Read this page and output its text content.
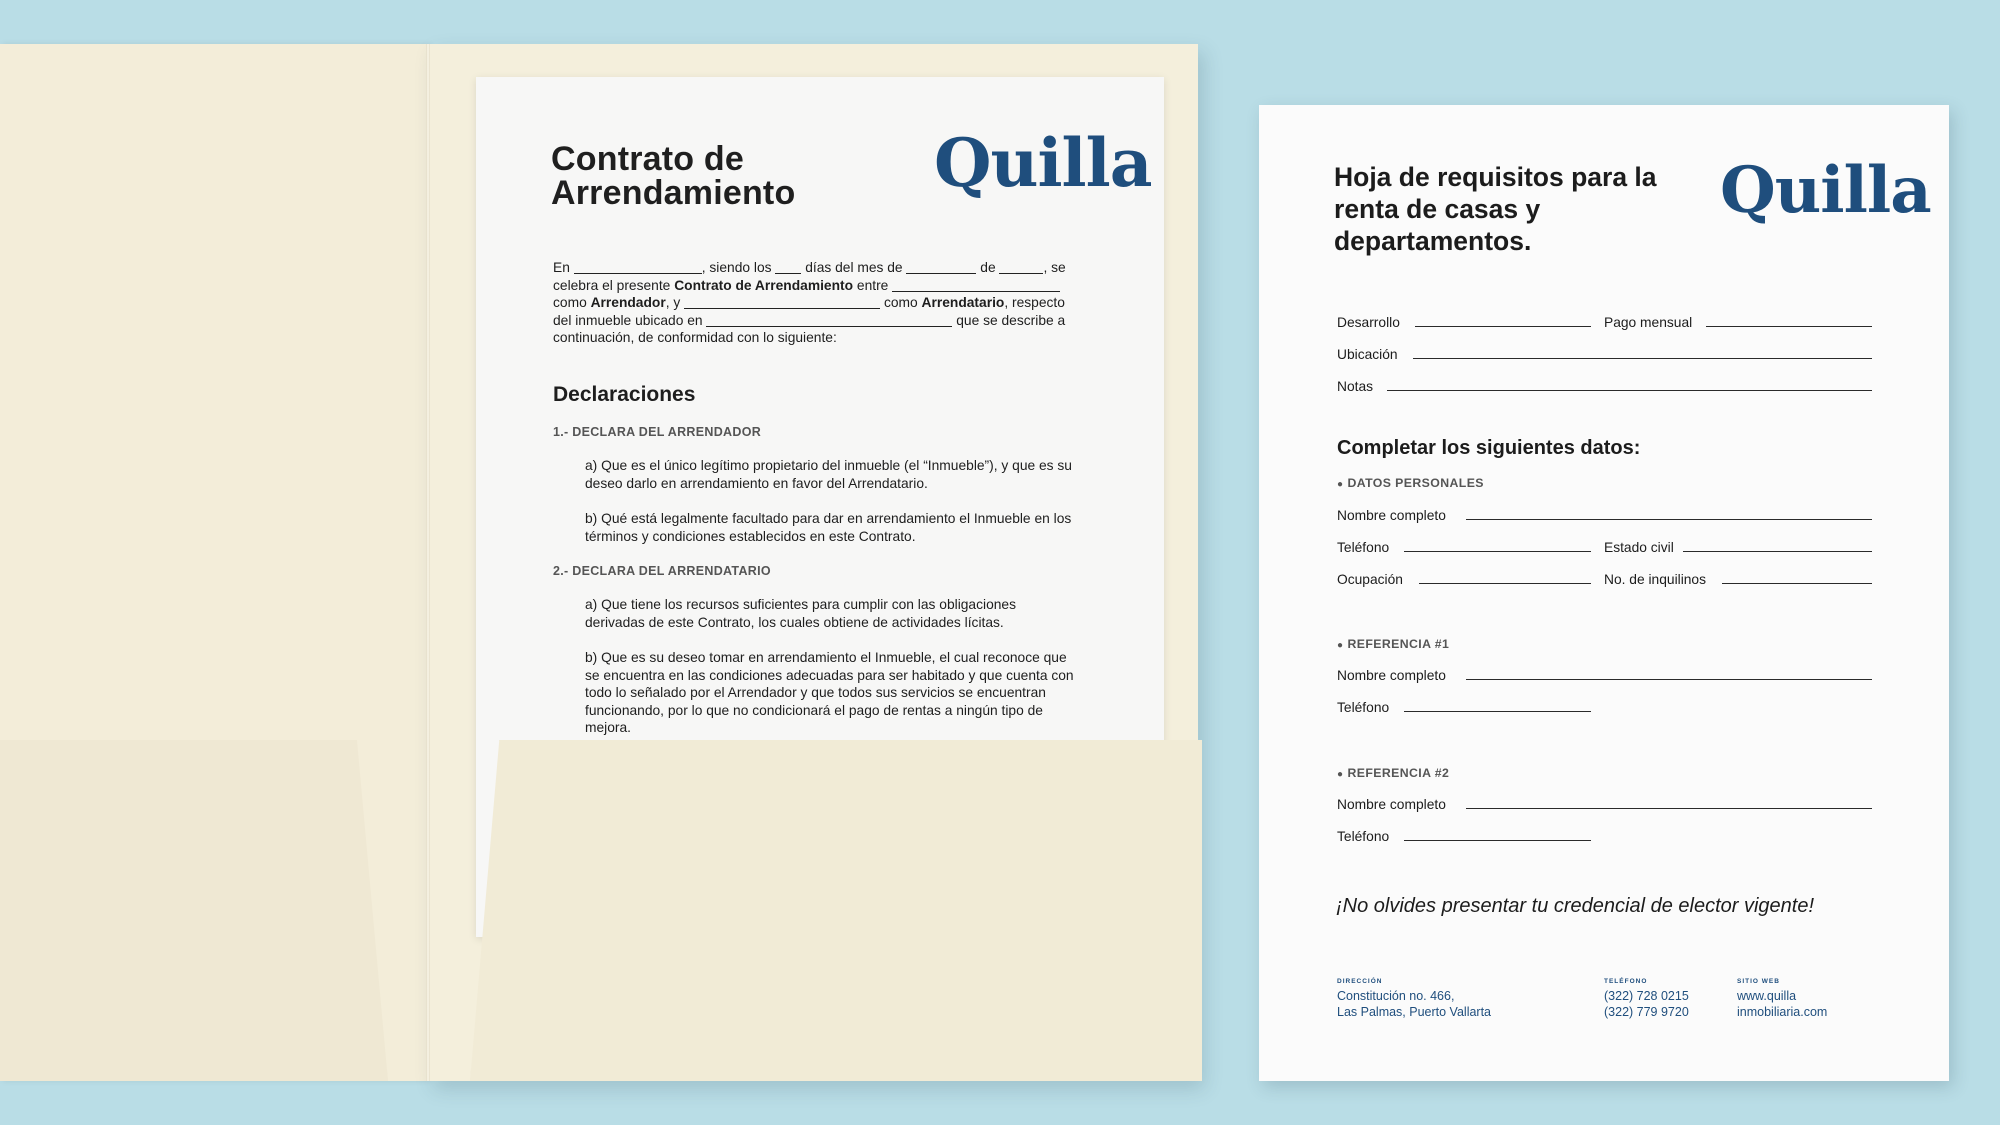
Contrato de
Arrendamiento	Quilla
En	, siendo los  días del mes de	de	, se
celebra el presente Contrato de Arrendamiento entre
como Arrendador, y	como Arrendatario, respecto
del inmueble ubicado en	que se describe a
continuación, de conformidad con lo siguiente:
Declaraciones
1.- DECLARA DEL ARRENDADOR
a) Que es el único legítimo propietario del inmueble (el “Inmueble”), y que es su deseo darlo en arrendamiento en favor del Arrendatario.
b) Qué está legalmente facultado para dar en arrendamiento el Inmueble en los términos y condiciones establecidos en este Contrato.
2.- DECLARA DEL ARRENDATARIO
a) Que tiene los recursos suficientes para cumplir con las obligaciones derivadas de este Contrato, los cuales obtiene de actividades lícitas.
b) Que es su deseo tomar en arrendamiento el Inmueble, el cual reconoce que se encuentra en las condiciones adecuadas para ser habitado y que cuenta con todo lo señalado por el Arrendador y que todos sus servicios se encuentran funcionando, por lo que no condicionará el pago de rentas a ningún tipo de mejora.
Hoja de requisitos para la renta de casas y departamentos.
Quilla
Desarrollo	Pago mensual
Ubicación
Notas
Completar los siguientes datos:
● DATOS PERSONALES
Nombre completo
Teléfono	Estado civil
Ocupación	No. de inquilinos
● REFERENCIA #1
Nombre completo
Teléfono
● REFERENCIA #2
Nombre completo
Teléfono
¡No olvides presentar tu credencial de elector vigente!
DIRECCIÓN
Constitución no. 466,
Las Palmas, Puerto Vallarta
TELÉFONO
(322) 728 0215
(322) 779 9720
SITIO WEB
www.quilla
inmobiliaria.com
